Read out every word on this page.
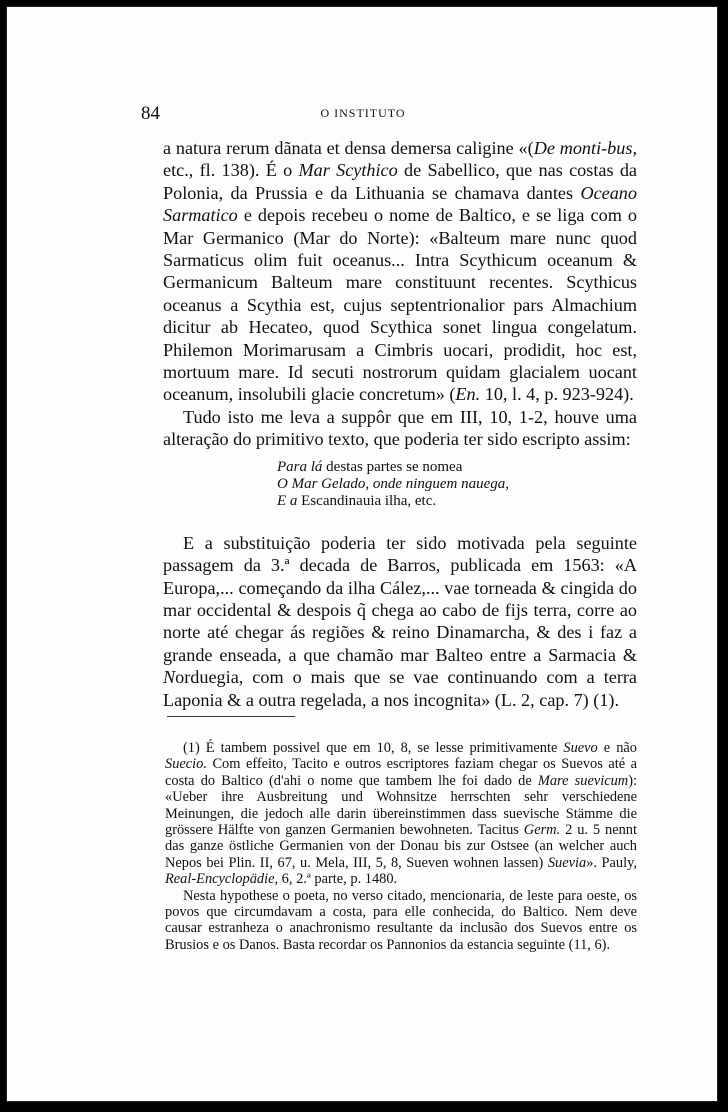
84	O INSTITUTO

a natura rerum dãnata et densa demersa caligine «(De monti-bus, etc., fl. 138). É o Mar Scythico de Sabellico, que nas costas da Polonia, da Prussia e da Lithuania se chamava dantes Oceano Sarmatico e depois recebeu o nome de Baltico, e se liga com o Mar Germanico (Mar do Norte): «Balteum mare nunc quod Sarmaticus olim fuit oceanus... Intra Scythicum oceanum & Germanicum Balteum mare constituunt recentes. Scythicus oceanus a Scythia est, cujus septentrionalior pars Almachium dicitur ab Hecateo, quod Scythica sonet lingua congelatum. Philemon Morimarusam a Cimbris uocari, prodidit, hoc est, mortuum mare. Id secuti nostrorum quidam glacialem uocant oceanum, insolubili glacie concretum» (En. 10, l. 4, p. 923-924).

Tudo isto me leva a suppôr que em III, 10, 1-2, houve uma alteração do primitivo texto, que poderia ter sido escripto assim:

Para lá destas partes se nomea
O Mar Gelado, onde ninguem nauega,
E a Escandinauia ilha, etc.

E a substituição poderia ter sido motivada pela seguinte passagem da 3.ª decada de Barros, publicada em 1563: «A Europa,... começando da ilha Cález,... vae torneada & cingida do mar occidental & despois q̃ chega ao cabo de fijs terra, corre ao norte até chegar ás regiões & reino Dinamarcha, & des i faz a grande enseada, a que chamão mar Balteo entre a Sarmacia & Norduegia, com o mais que se vae continuando com a terra Laponia & a outra regelada, a nos incognita» (L. 2, cap. 7) (1).

(1) É tambem possivel que em 10, 8, se lesse primitivamente Suevo e não Suecio. Com effeito, Tacito e outros escriptores faziam chegar os Suevos até a costa do Baltico (d'ahi o nome que tambem lhe foi dado de Mare suevicum): «Ueber ihre Ausbreitung und Wohnsitze herrschten sehr verschiedene Meinungen, die jedoch alle darin übereinstimmen dass suevische Stämme die grössere Hälfte von ganzen Germanien bewohneten. Tacitus Germ. 2 u. 5 nennt das ganze östliche Germanien von der Donau bis zur Ostsee (an welcher auch Nepos bei Plin. II, 67, u. Mela, III, 5, 8, Sueven wohnen lassen) Suevia». Pauly, Real-Encyclopädie, 6, 2.ª parte, p. 1480.

Nesta hypothese o poeta, no verso citado, mencionaria, de leste para oeste, os povos que circumdavam a costa, para elle conhecida, do Baltico. Nem deve causar estranheza o anachronismo resultante da inclusão dos Suevos entre os Brusios e os Danos. Basta recordar os Pannonios da estancia seguinte (11, 6).
